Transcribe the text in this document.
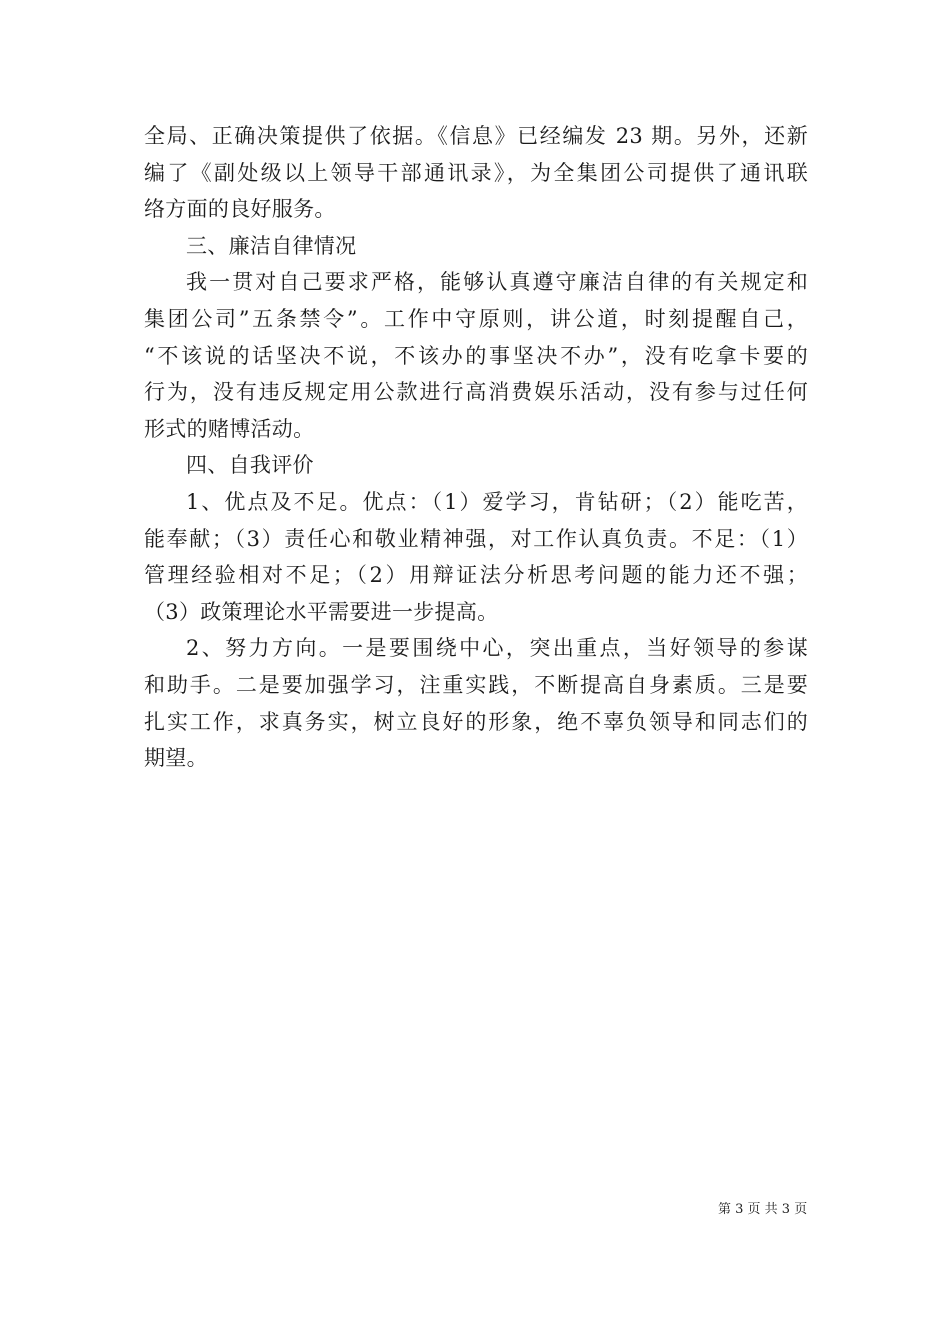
全局、正确决策提供了依据。《信息》已经编发 23 期。另外，还新
编了《副处级以上领导干部通讯录》，为全集团公司提供了通讯联
络方面的良好服务。
三、廉洁自律情况
我一贯对自己要求严格，能够认真遵守廉洁自律的有关规定和
集团公司”五条禁令”。工作中守原则，讲公道，时刻提醒自己，
“不该说的话坚决不说，不该办的事坚决不办”，没有吃拿卡要的
行为，没有违反规定用公款进行高消费娱乐活动，没有参与过任何
形式的赌博活动。
四、自我评价
1、优点及不足。优点：（1）爱学习，肯钻研；（2）能吃苦，
能奉献；（3）责任心和敬业精神强，对工作认真负责。不足：（1）
管理经验相对不足；（2）用辩证法分析思考问题的能力还不强；
（3）政策理论水平需要进一步提高。
2、努力方向。一是要围绕中心，突出重点，当好领导的参谋
和助手。二是要加强学习，注重实践，不断提高自身素质。三是要
扎实工作，求真务实，树立良好的形象，绝不辜负领导和同志们的
期望。
第 3 页 共 3 页
